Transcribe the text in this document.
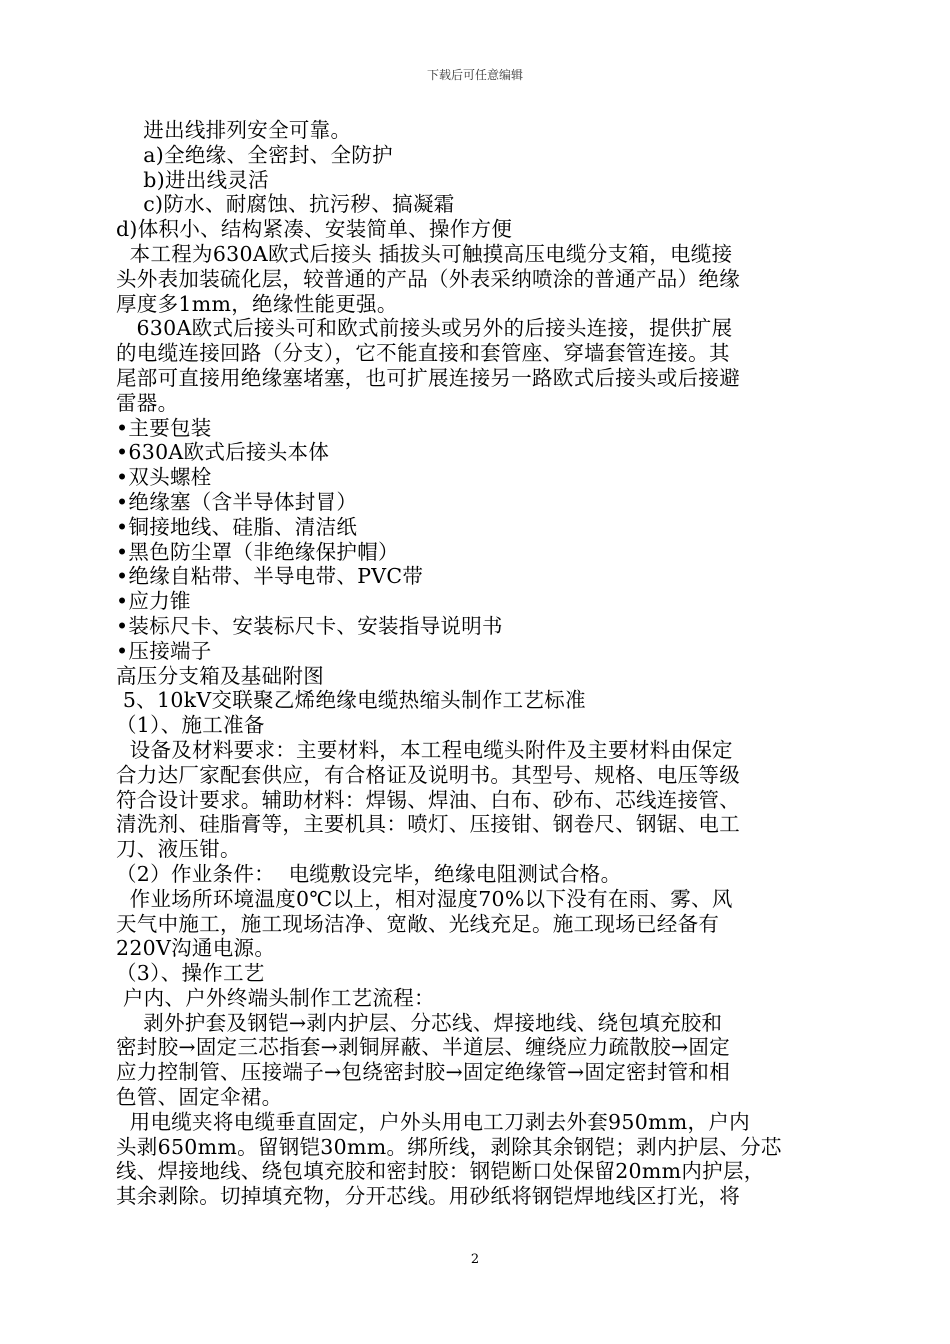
下载后可任意编辑

进出线排列安全可靠。

a)全绝缘、全密封、全防护

b)进出线灵活

c)防水、耐腐蚀、抗污秽、搞凝霜

d)体积小、结构紧凑、安装简单、操作方便

本工程为630A欧式后接头 插拔头可触摸高压电缆分支箱，电缆接

头外表加装硫化层，较普通的产品（外表采纳喷涂的普通产品）绝缘

厚度多1mm，绝缘性能更强。

630A欧式后接头可和欧式前接头或另外的后接头连接，提供扩展

的电缆连接回路（分支），它不能直接和套管座、穿墙套管连接。其

尾部可直接用绝缘塞堵塞，也可扩展连接另一路欧式后接头或后接避

雷器。

•主要包装

•630A欧式后接头本体

•双头螺栓

•绝缘塞（含半导体封冒）

•铜接地线、硅脂、清洁纸

•黑色防尘罩（非绝缘保护帽）

•绝缘自粘带、半导电带、PVC带

•应力锥

•装标尺卡、安装标尺卡、安装指导说明书

•压接端子

高压分支箱及基础附图

5、10kV交联聚乙烯绝缘电缆热缩头制作工艺标准

（1）、施工准备

设备及材料要求：主要材料，本工程电缆头附件及主要材料由保定

合力达厂家配套供应，有合格证及说明书。其型号、规格、电压等级

符合设计要求。辅助材料：焊锡、焊油、白布、砂布、芯线连接管、

清洗剂、硅脂膏等，主要机具：喷灯、压接钳、钢卷尺、钢锯、电工

刀、液压钳。

（2）作业条件：  电缆敷设完毕，绝缘电阻测试合格。

作业场所环境温度0℃以上，相对湿度70%以下没有在雨、雾、风

天气中施工，施工现场洁净、宽敞、光线充足。施工现场已经备有

220V沟通电源。

（3）、操作工艺

户内、户外终端头制作工艺流程：

剥外护套及钢铠→剥内护层、分芯线、焊接地线、绕包填充胶和

密封胶→固定三芯指套→剥铜屏蔽、半道层、缠绕应力疏散胶→固定

应力控制管、压接端子→包绕密封胶→固定绝缘管→固定密封管和相

色管、固定伞裙。

用电缆夹将电缆垂直固定，户外头用电工刀剥去外套950mm，户内

头剥650mm。留钢铠30mm。绑所线，剥除其余钢铠；剥内护层、分芯

线、焊接地线、绕包填充胶和密封胶：钢铠断口处保留20mm内护层，

其余剥除。切掉填充物，分开芯线。用砂纸将钢铠焊地线区打光，将

2
